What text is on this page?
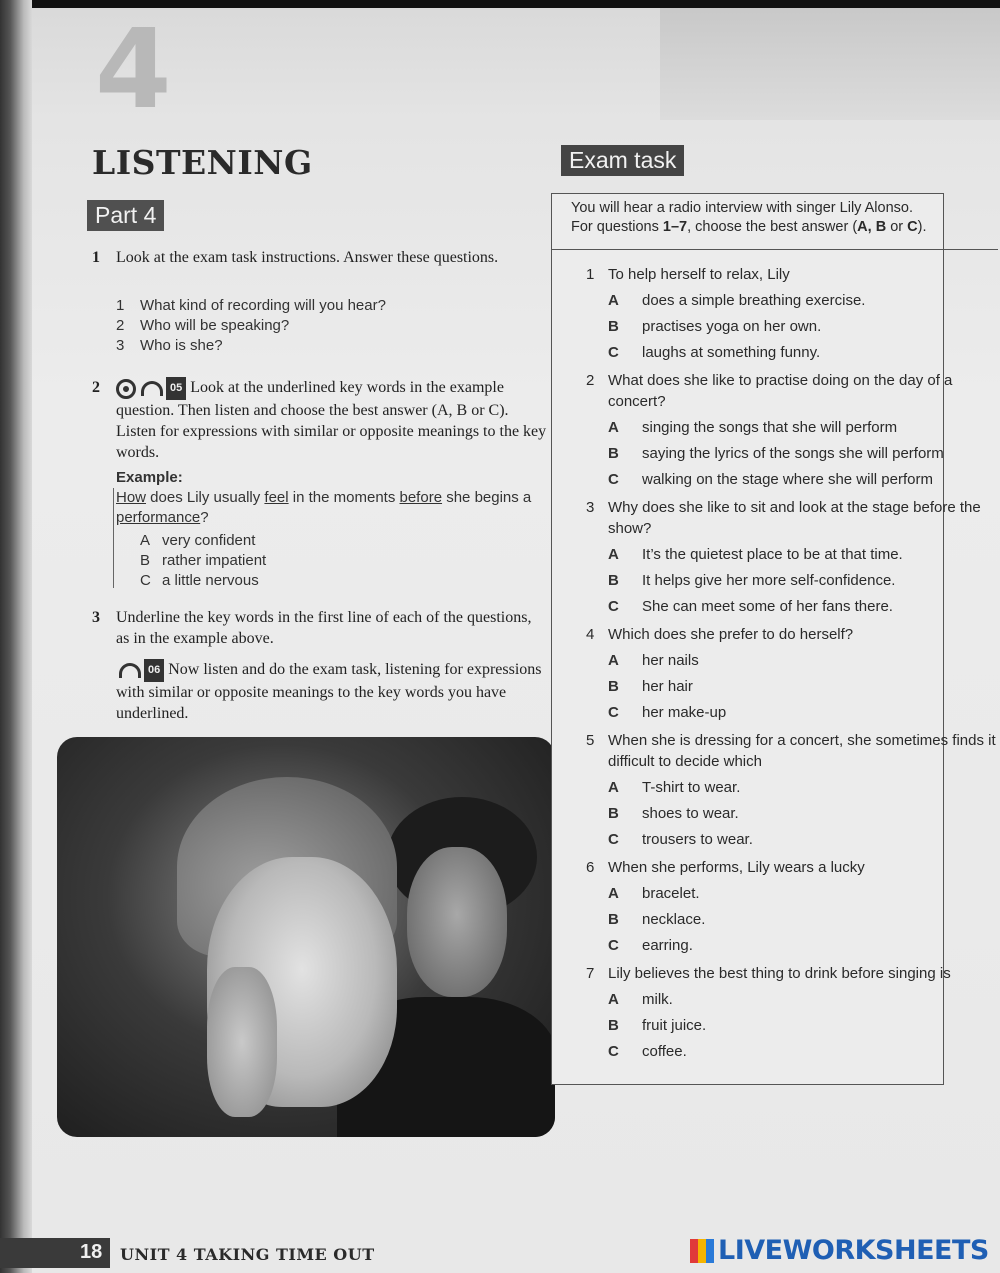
4
LISTENING
Part 4
Exam task
1 Look at the exam task instructions. Answer these questions.
1	What kind of recording will you hear?
2	Who will be speaking?
3	Who is she?
2	05 Look at the underlined key words in the example question. Then listen and choose the best answer (A, B or C). Listen for expressions with similar or opposite meanings to the key words.
Example:
How does Lily usually feel in the moments before she begins a performance?
A very confident
B rather impatient
C a little nervous
3 Underline the key words in the first line of each of the questions, as in the example above.
06 Now listen and do the exam task, listening for expressions with similar or opposite meanings to the key words you have underlined.
You will hear a radio interview with singer Lily Alonso. For questions 1–7, choose the best answer (A, B or C).
1 To help herself to relax, Lily
A	does a simple breathing exercise.
B	practises yoga on her own.
C	laughs at something funny.
2 What does she like to practise doing on the day of a concert?
A	singing the songs that she will perform
B	saying the lyrics of the songs she will perform
C	walking on the stage where she will perform
3 Why does she like to sit and look at the stage before the show?
A	It’s the quietest place to be at that time.
B	It helps give her more self-confidence.
C	She can meet some of her fans there.
4 Which does she prefer to do herself?
A	her nails
B	her hair
C	her make-up
5 When she is dressing for a concert, she sometimes finds it difficult to decide which
A	T-shirt to wear.
B	shoes to wear.
C	trousers to wear.
6 When she performs, Lily wears a lucky
A	bracelet.
B	necklace.
C	earring.
7 Lily believes the best thing to drink before singing is
A	milk.
B	fruit juice.
C	coffee.
18 UNIT 4 TAKING TIME OUT	LIVEWORKSHEETS
